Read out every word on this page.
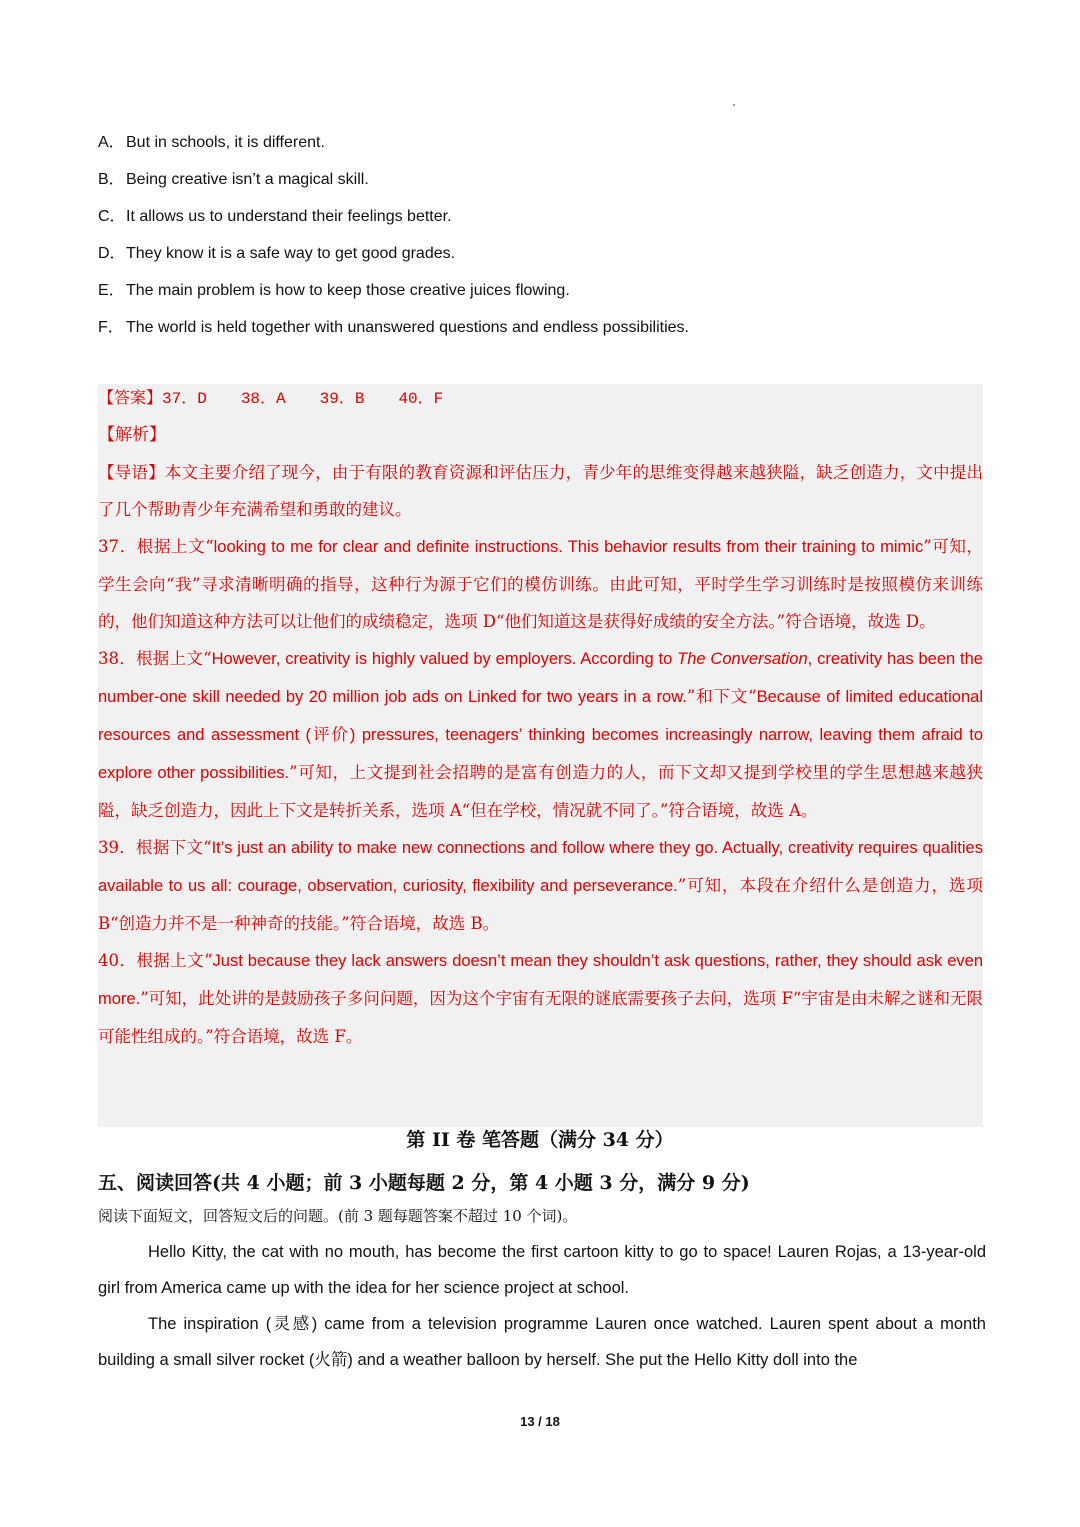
A．But in schools, it is different.
B．Being creative isn’t a magical skill.
C．It allows us to understand their feelings better.
D．They know it is a safe way to get good grades.
E．The main problem is how to keep those creative juices flowing.
F． The world is held together with unanswered questions and endless possibilities.
【答案】37．D 38．A 39．B 40．F
【解析】

【导语】本文主要介绍了现今，由于有限的教育资源和评估压力，青少年的思维变得越来越狭隘，缺乏创造力，文中提出了几个帮助青少年充满希望和勇敢的建议。

37．根据上文“looking to me for clear and definite instructions. This behavior results from their training to mimic”可知，学生会向“我”寻求清晰明确的指导，这种行为源于它们的模仿训练。由此可知，平时学生学习训练时是按照模仿来训练的，他们知道这种方法可以让他们的成绩稳定，选项 D“他们知道这是获得好成绩的安全方法。”符合语境，故选 D。

38．根据上文“However, creativity is highly valued by employers. According to The Conversation, creativity has been the number-one skill needed by 20 million job ads on Linked for two years in a row.”和下文“Because of limited educational resources and assessment (评价) pressures, teenagers’ thinking becomes increasingly narrow, leaving them afraid to explore other possibilities.”可知，上文提到社会招聘的是富有创造力的人，而下文却又提到学校里的学生思想越来越狭隘，缺乏创造力，因此上下文是转折关系，选项 A“但在学校，情况就不同了。”符合语境，故选 A。

39．根据下文“It’s just an ability to make new connections and follow where they go. Actually, creativity requires qualities available to us all: courage, observation, curiosity, flexibility and perseverance.”可知，本段在介绍什么是创造力，选项 B“创造力并不是一种神奇的技能。”符合语境，故选 B。

40．根据上文“Just because they lack answers doesn’t mean they shouldn’t ask questions, rather, they should ask even more.”可知，此处讲的是鼓励孩子多问问题，因为这个宇宙有无限的谜底需要孩子去问，选项 F“宇宙是由未解之谜和无限可能性组成的。”符合语境，故选 F。

第 II 卷 笔答题（满分 34 分）
五、阅读回答(共 4 小题；前 3 小题每题 2 分，第 4 小题 3 分，满分 9 分)
阅读下面短文，回答短文后的问题。(前 3 题每题答案不超过 10 个词)。

Hello Kitty, the cat with no mouth, has become the first cartoon kitty to go to space! Lauren Rojas, a 13-year-old girl from America came up with the idea for her science project at school.

The inspiration (灵感) came from a television programme Lauren once watched. Lauren spent about a month building a small silver rocket (火箭) and a weather balloon by herself. She put the Hello Kitty doll into the

13 / 18
